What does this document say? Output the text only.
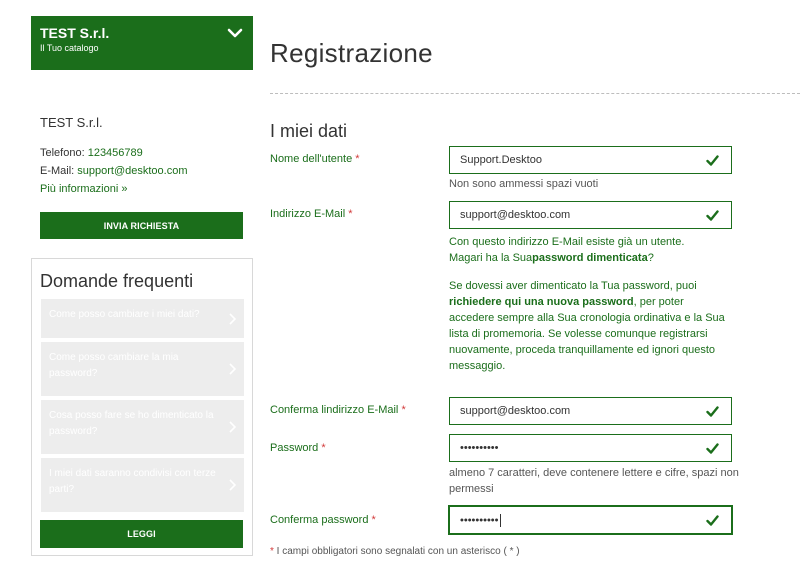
TEST S.r.l.
Il Tuo catalogo
TEST S.r.l.
Telefono: 123456789
E-Mail: support@desktoo.com
Più informazioni »
INVIA RICHIESTA
Domande frequenti
Come posso cambiare i miei dati?
Come posso cambiare la mia password?
Cosa posso fare se ho dimenticato la password?
I miei dati saranno condivisi con terze parti?
LEGGI
Registrazione
I miei dati
Nome dell'utente *	Support.Desktoo
Non sono ammessi spazi vuoti
Indirizzo E-Mail *	support@desktoo.com
Con questo indirizzo E-Mail esiste già un utente.
Magari ha la Suapassword dimenticata?
Se dovessi aver dimenticato la Tua password, puoi richiedere qui una nuova password, per poter accedere sempre alla Sua cronologia ordinativa e la Sua lista di promemoria. Se volesse comunque registrarsi nuovamente, proceda tranquillamente ed ignori questo messaggio.
Conferma lindirizzo E-Mail *	support@desktoo.com
Password *	••••••••••
almeno 7 caratteri, deve contenere lettere e cifre, spazi non permessi
Conferma password *	••••••••••
* I campi obbligatori sono segnalati con un asterisco ( * )
